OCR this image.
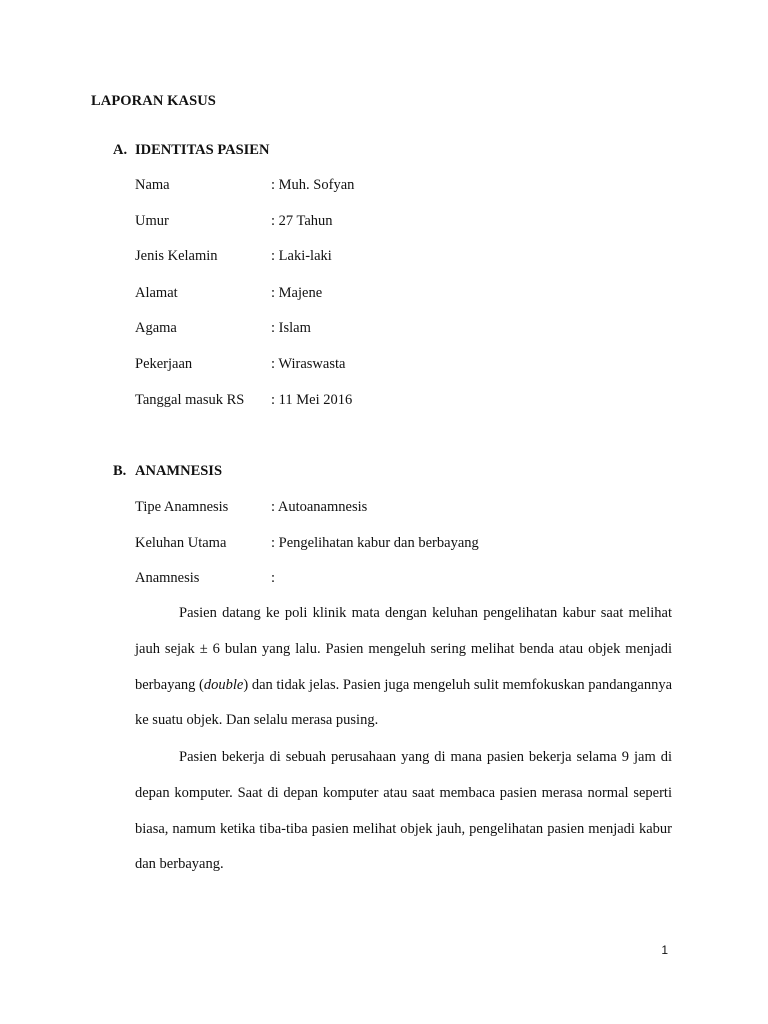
LAPORAN KASUS
A. IDENTITAS PASIEN
Nama	: Muh. Sofyan
Umur	: 27 Tahun
Jenis Kelamin	: Laki-laki
Alamat	: Majene
Agama	: Islam
Pekerjaan	: Wiraswasta
Tanggal masuk RS : 11 Mei 2016
B. ANAMNESIS
Tipe Anamnesis	: Autoanamnesis
Keluhan Utama	: Pengelihatan kabur dan berbayang
Anamnesis	:

Pasien datang ke poli klinik mata dengan keluhan pengelihatan kabur saat melihat jauh sejak ± 6 bulan yang lalu. Pasien mengeluh sering melihat benda atau objek menjadi berbayang (double) dan tidak jelas. Pasien juga mengeluh sulit memfokuskan pandangannya ke suatu objek. Dan selalu merasa pusing.

Pasien bekerja di sebuah perusahaan yang di mana pasien bekerja selama 9 jam di depan komputer. Saat di depan komputer atau saat membaca pasien merasa normal seperti biasa, namum ketika tiba-tiba pasien melihat objek jauh, pengelihatan pasien menjadi kabur dan berbayang.

1
